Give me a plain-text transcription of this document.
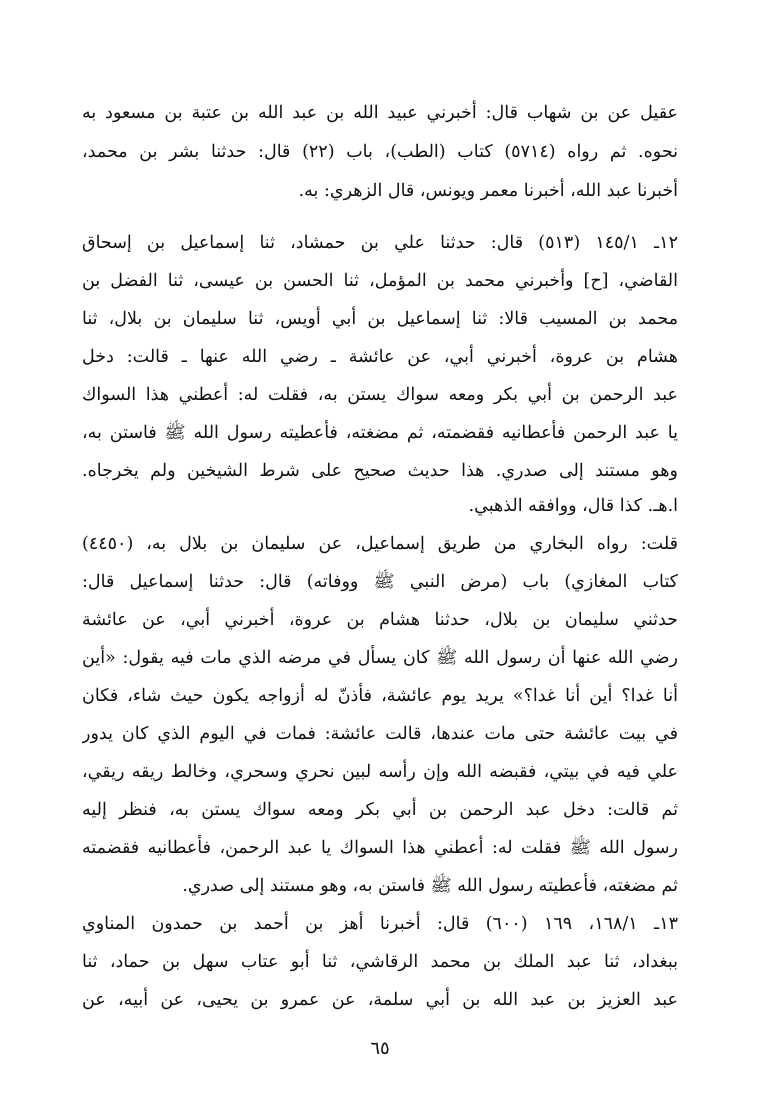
عقيل عن بن شهاب قال: أخبرني عبيد الله بن عبد الله بن عتبة بن مسعود به
نحوه. ثم رواه (٥٧١٤) كتاب (الطب)، باب (٢٢) قال: حدثنا بشر بن محمد،
أخبرنا عبد الله، أخبرنا معمر ويونس، قال الزهري: به.
١٢ـ ١٤٥/١ (٥١٣) قال: حدثنا علي بن حمشاد، ثنا إسماعيل بن إسحاق
القاضي، [ح] وأخبرني محمد بن المؤمل، ثنا الحسن بن عيسى، ثنا الفضل بن
محمد بن المسيب قالا: ثنا إسماعيل بن أبي أويس، ثنا سليمان بن بلال، ثنا
هشام بن عروة، أخبرني أبي، عن عائشة ـ رضي الله عنها ـ قالت: دخل
عبد الرحمن بن أبي بكر ومعه سواك يستن به، فقلت له: أعطني هذا السواك
يا عبد الرحمن فأعطانيه فقضمته، ثم مضغته، فأعطيته رسول الله ﷺ فاستن به،
وهو مستند إلى صدري. هذا حديث صحيح على شرط الشيخين ولم يخرجاه.
ا.هـ. كذا قال، ووافقه الذهبي.
قلت: رواه البخاري من طريق إسماعيل، عن سليمان بن بلال به، (٤٤٥٠)
كتاب المغازي) باب (مرض النبي ﷺ ووفاته) قال: حدثنا إسماعيل قال:
حدثني سليمان بن بلال، حدثنا هشام بن عروة، أخبرني أبي، عن عائشة
رضي الله عنها أن رسول الله ﷺ كان يسأل في مرضه الذي مات فيه يقول: «أين
أنا غدا؟ أين أنا غدا؟» يريد يوم عائشة، فأذنّ له أزواجه يكون حيث شاء، فكان
في بيت عائشة حتى مات عندها، قالت عائشة: فمات في اليوم الذي كان يدور
علي فيه في بيتي، فقبضه الله وإن رأسه لبين نحري وسحري، وخالط ريقه ريقي،
ثم قالت: دخل عبد الرحمن بن أبي بكر ومعه سواك يستن به، فنظر إليه
رسول الله ﷺ فقلت له: أعطني هذا السواك يا عبد الرحمن، فأعطانيه فقضمته
ثم مضغته، فأعطيته رسول الله ﷺ فاستن به، وهو مستند إلى صدري.
١٣ـ ١٦٨/١، ١٦٩ (٦٠٠) قال: أخبرنا أهز بن أحمد بن حمدون المناوي
ببغداد، ثنا عبد الملك بن محمد الرقاشي، ثنا أبو عتاب سهل بن حماد، ثنا
عبد العزيز بن عبد الله بن أبي سلمة، عن عمرو بن يحيى، عن أبيه، عن
٦٥
